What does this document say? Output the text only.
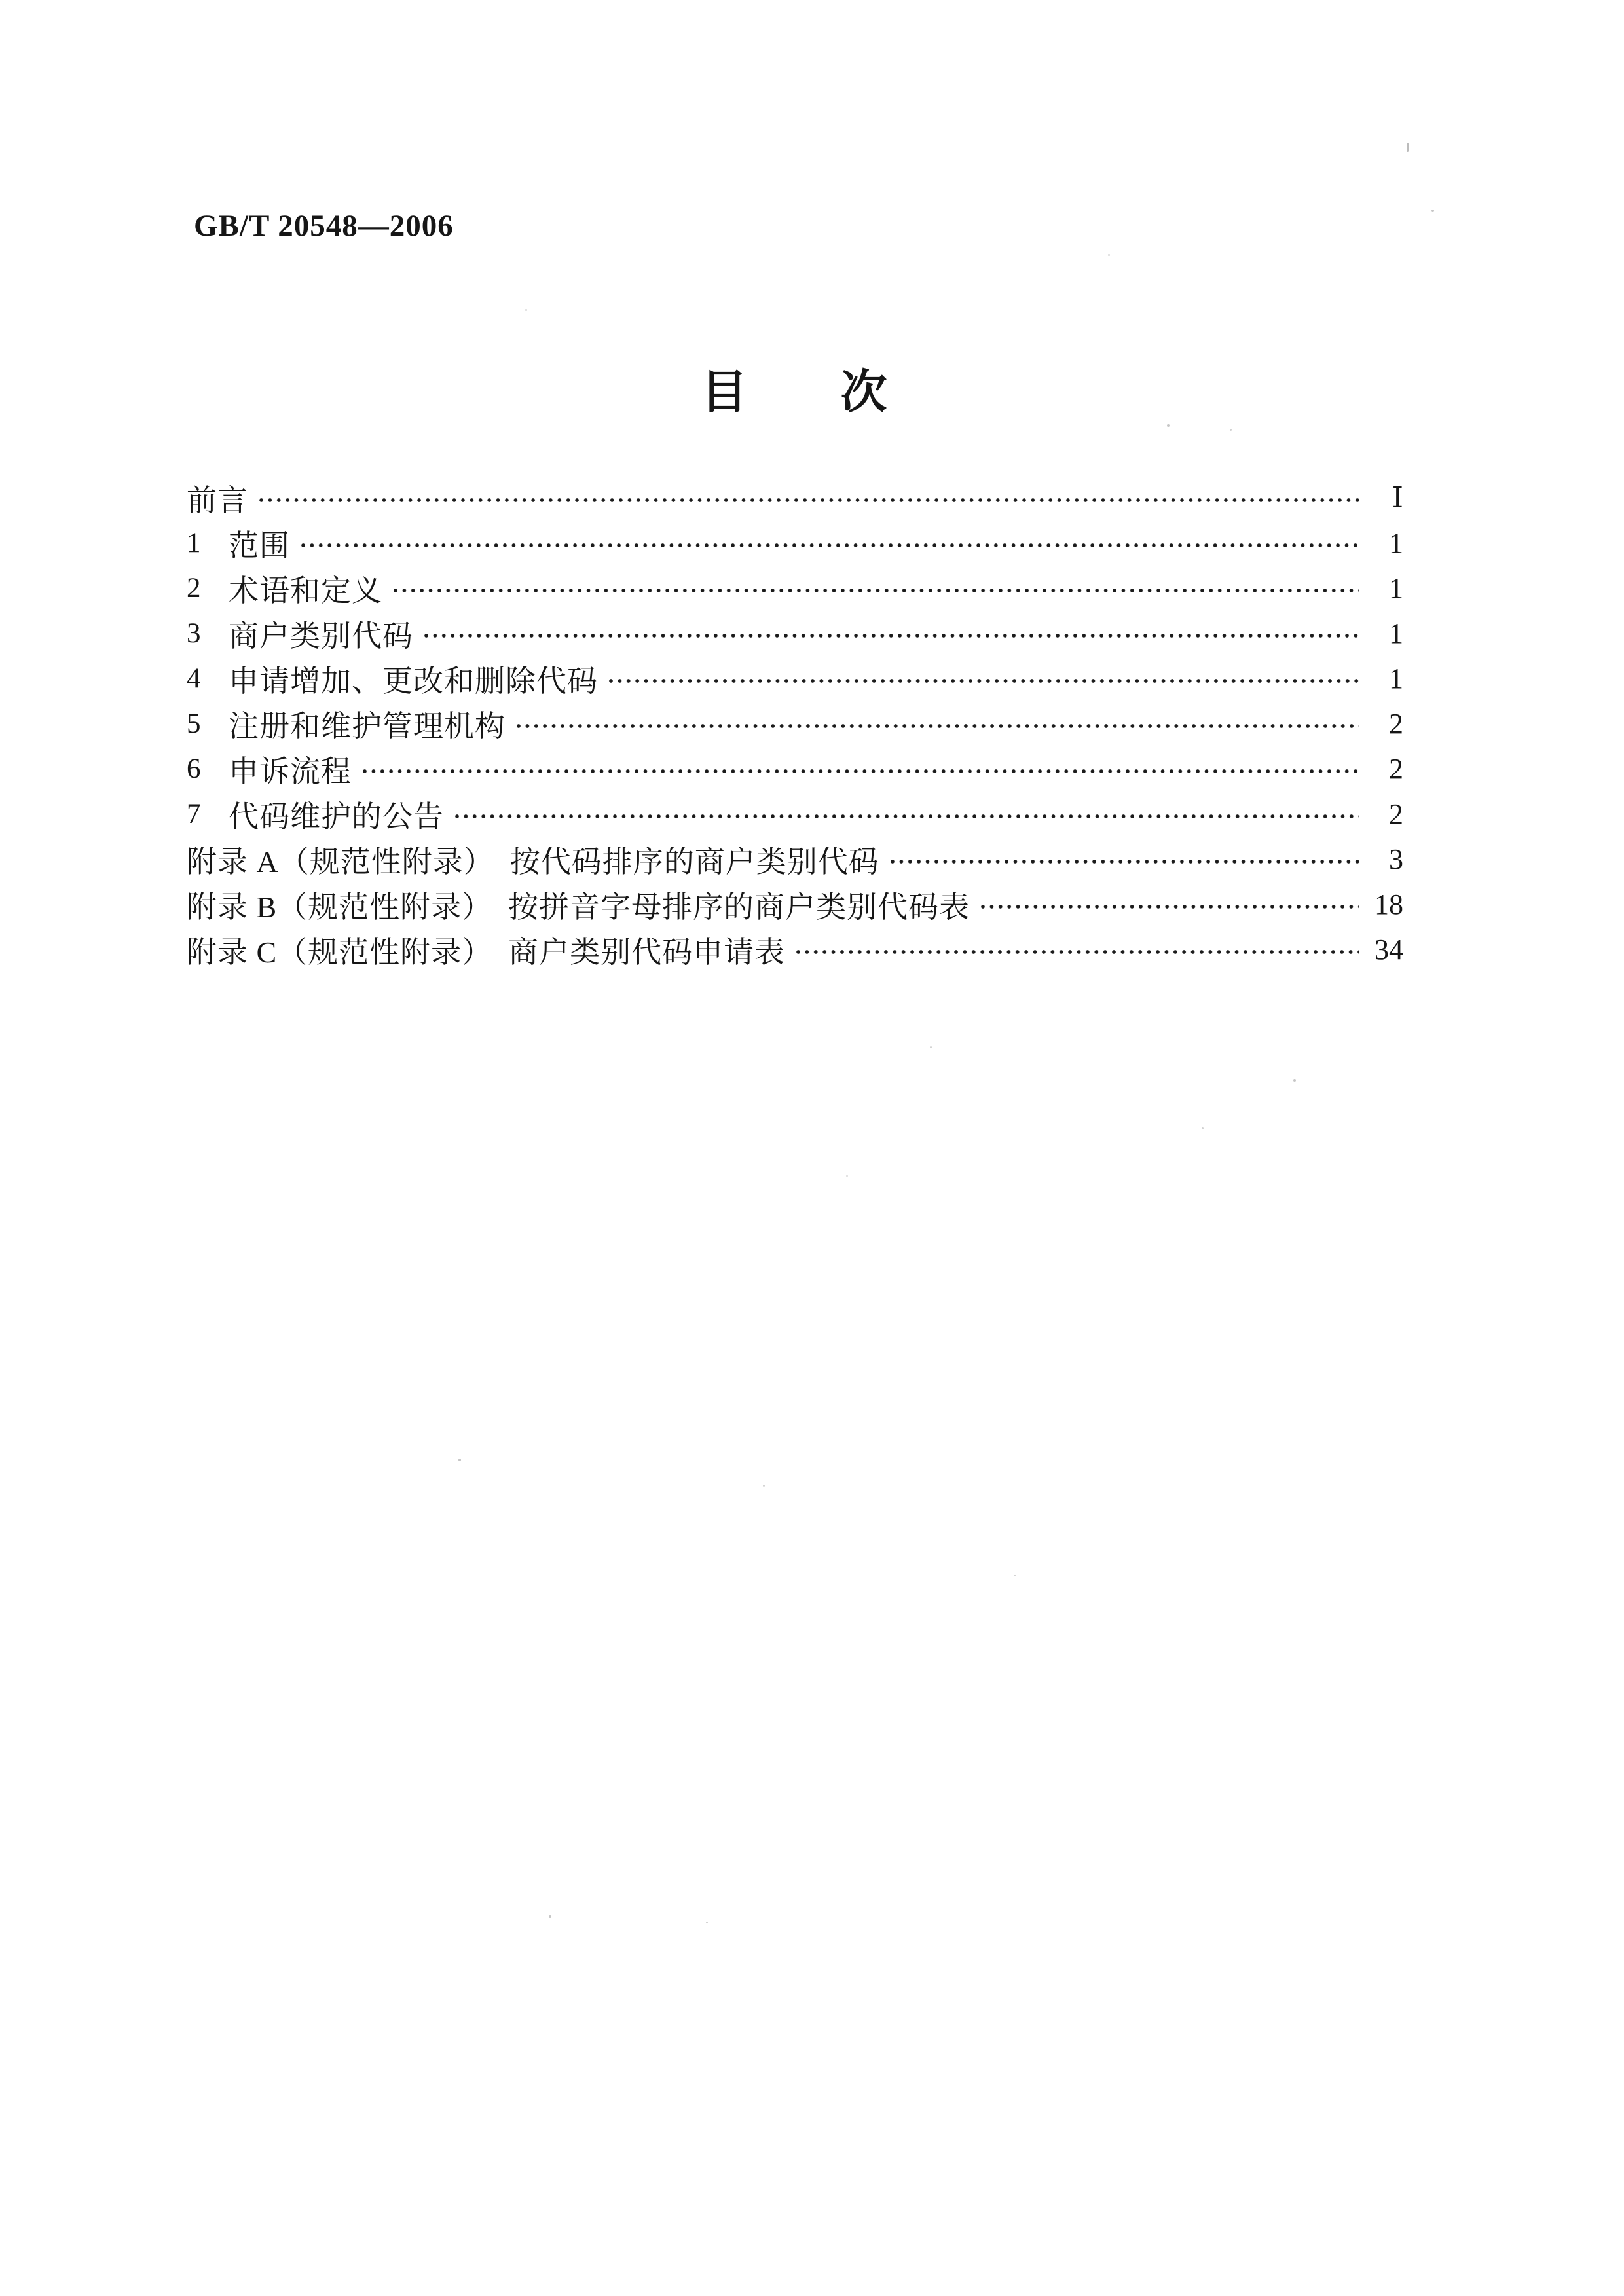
GB/T 20548—2006
目　　次
前言	Ⅰ
1 范围	1
2 术语和定义	1
3 商户类别代码	1
4 申请增加、更改和删除代码	1
5 注册和维护管理机构	2
6 申诉流程	2
7 代码维护的公告	2
附录 A（规范性附录）　按代码排序的商户类别代码	3
附录 B（规范性附录）　按拼音字母排序的商户类别代码表	18
附录 C（规范性附录）　商户类别代码申请表	34
